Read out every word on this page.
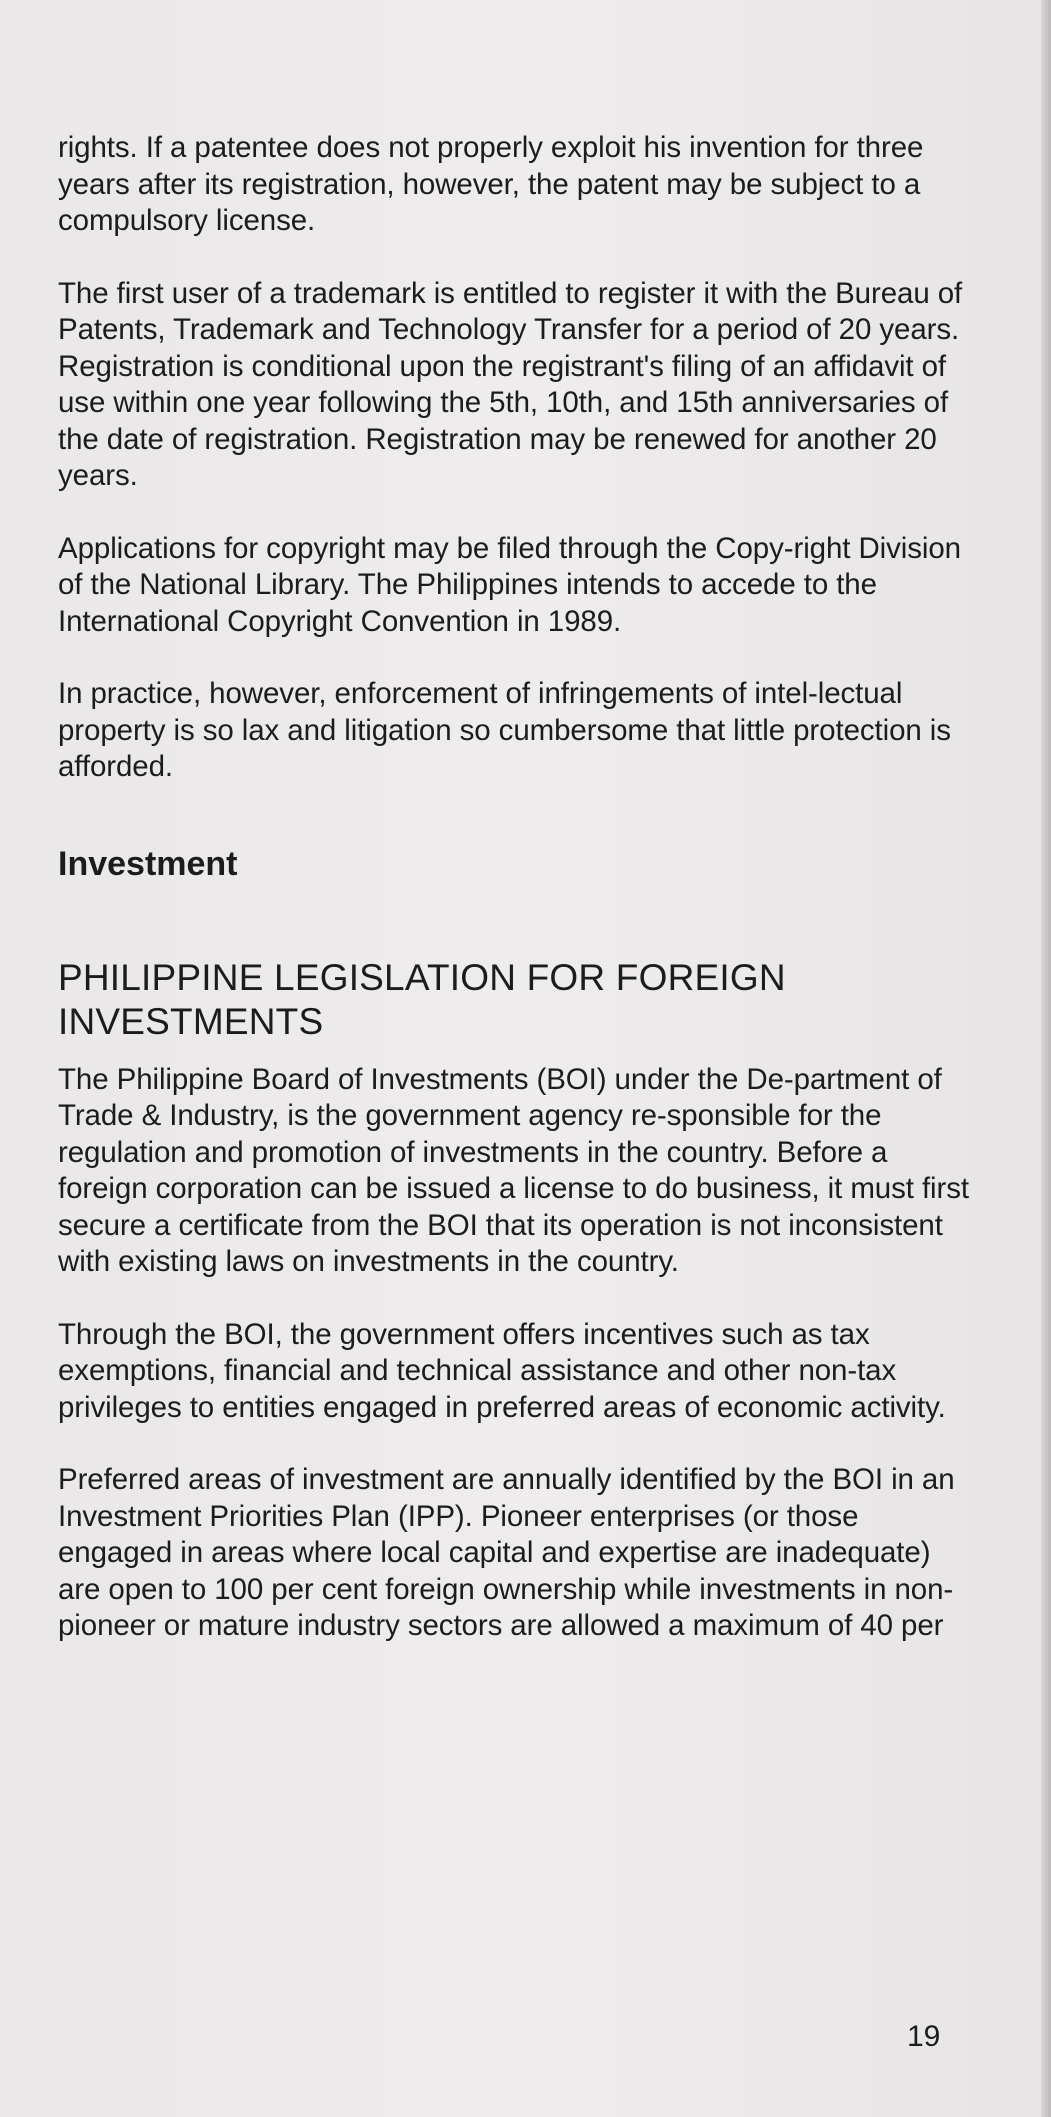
rights. If a patentee does not properly exploit his invention for three years after its registration, however, the patent may be subject to a compulsory license.

The first user of a trademark is entitled to register it with the Bureau of Patents, Trademark and Technology Transfer for a period of 20 years. Registration is conditional upon the registrant's filing of an affidavit of use within one year following the 5th, 10th, and 15th anniversaries of the date of registration. Registration may be renewed for another 20 years.

Applications for copyright may be filed through the Copy-right Division of the National Library. The Philippines intends to accede to the International Copyright Convention in 1989.

In practice, however, enforcement of infringements of intel-lectual property is so lax and litigation so cumbersome that little protection is afforded.

Investment
PHILIPPINE LEGISLATION FOR FOREIGN INVESTMENTS

The Philippine Board of Investments (BOI) under the De-partment of Trade & Industry, is the government agency re-sponsible for the regulation and promotion of investments in the country. Before a foreign corporation can be issued a license to do business, it must first secure a certificate from the BOI that its operation is not inconsistent with existing laws on investments in the country.

Through the BOI, the government offers incentives such as tax exemptions, financial and technical assistance and other non-tax privileges to entities engaged in preferred areas of economic activity.

Preferred areas of investment are annually identified by the BOI in an Investment Priorities Plan (IPP). Pioneer enterprises (or those engaged in areas where local capital and expertise are inadequate) are open to 100 per cent foreign ownership while investments in non-pioneer or mature industry sectors are allowed a maximum of 40 per

19
